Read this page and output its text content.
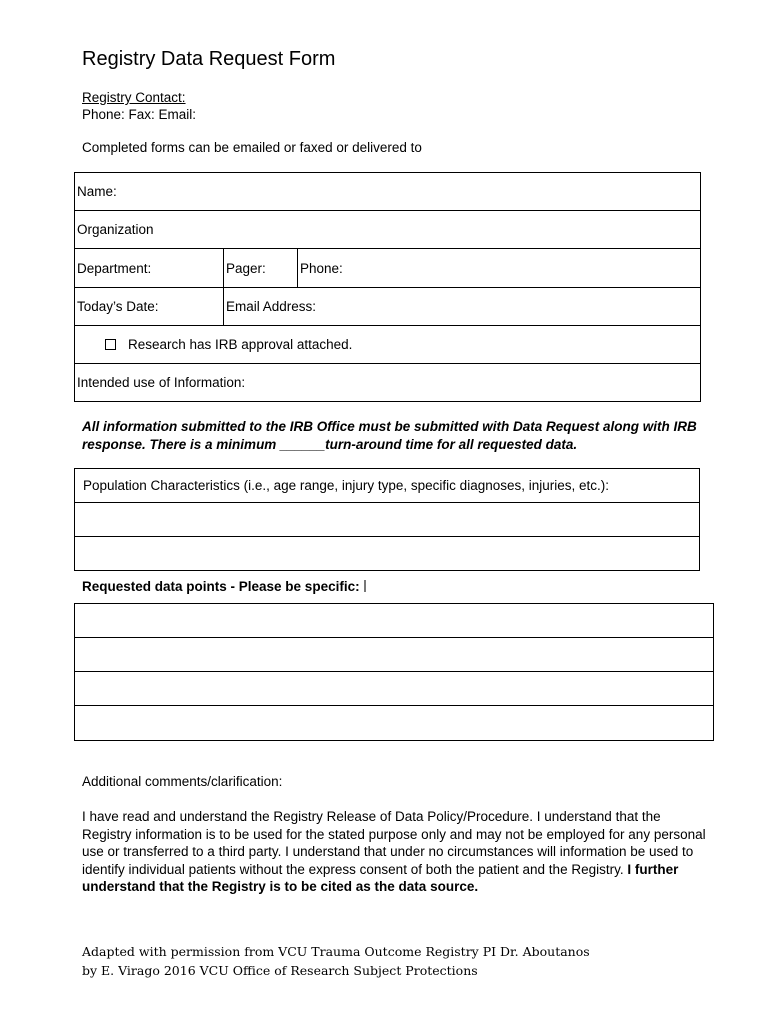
Registry Data Request Form
Registry Contact:
Phone: Fax: Email:
Completed forms can be emailed or faxed or delivered to
Name:		
Organization		
Department:	Pager:	Phone:
Today’s Date:	Email Address:	

Research has IRB approval attached.		

Intended use of Information:		
All information submitted to the IRB Office must be submitted with Data Request along with IRB response. There is a minimum ______turn-around time for all requested data.
Population Characteristics (i.e., age range, injury type, specific diagnoses, injuries, etc.):

Requested data points - Please be specific:

Additional comments/clarification:
I have read and understand the Registry Release of Data Policy/Procedure. I understand that the Registry information is to be used for the stated purpose only and may not be employed for any personal use or transferred to a third party. I understand that under no circumstances will information be used to identify individual patients without the express consent of both the patient and the Registry. I further understand that the Registry is to be cited as the data source.
Adapted with permission from VCU Trauma Outcome Registry PI Dr. Aboutanos
by E. Virago 2016 VCU Office of Research Subject Protections
